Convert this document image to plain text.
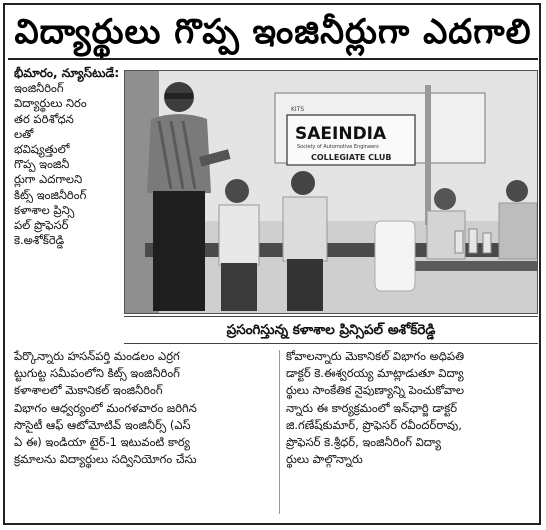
విద్యార్థులు గొప్ప ఇంజినీర్లుగా ఎదగాలి

భీమారం, న్యూస్‌టుడే:

ఇంజినీరింగ్

విద్యార్థులు నిరం

తర పరిశోధన

లతో

భవిష్యత్తులో

గొప్ప ఇంజినీ

ర్లుగా ఎదగాలని

కిట్స్ ఇంజినీరింగ్

కళాశాల ప్రిన్సి

పల్ ప్రొఫెసర్

కె.అశోక్‌రెడ్డి

KITS
SAEINDIA
Society of Automotive Engineers
COLLEGIATE CLUB
ప్రసంగిస్తున్న కళాశాల ప్రిన్సిపల్ అశోక్‌రెడ్డి

పేర్కొన్నారు హసన్‌పర్తి మండలం ఎర్రగ

ట్టుగుట్ట సమీపంలోని కిట్స్ ఇంజినీరింగ్

కళాశాలలో మెకానికల్ ఇంజినీరింగ్

విభాగం ఆధ్వర్యంలో మంగళవారం జరిగిన

సొసైటీ ఆఫ్ ఆటోమోటివ్ ఇంజినీర్స్ (ఎస్

ఏ ఈ) ఇండియా టైర్-1 ఇటువంటి కార్య

క్రమాలను విద్యార్థులు సద్వినియోగం చేసు

కోవాలన్నారు మెకానికల్ విభాగం అధిపతి

డాక్టర్ కె.ఈశ్వరయ్య మాట్లాడుతూ విద్యా

ర్థులు సాంకేతిక నైపుణ్యాన్ని పెంచుకోవాల

న్నారు ఈ కార్యక్రమంలో ఇన్‌ఛార్జి డాక్టర్

జి.గణేష్‌కుమార్, ప్రొఫెసర్ రవీందర్‌రావు,

ప్రొఫెసర్ కె.శ్రీధర్, ఇంజినీరింగ్ విద్యా

ర్థులు పాల్గొన్నారు
